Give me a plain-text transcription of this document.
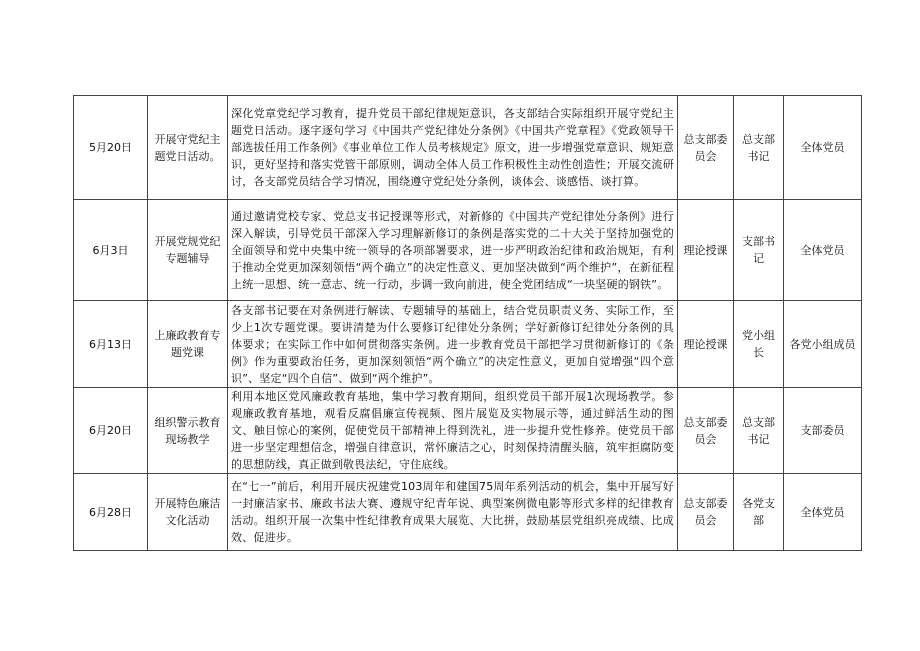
5月20日	开展守党纪主题党日活动。	深化党章党纪学习教育，提升党员干部纪律规矩意识，各支部结合实际组织开展守党纪主题党日活动。逐字逐句学习《中国共产党纪律处分条例》《中国共产党章程》《党政领导干部选拔任用工作条例》《事业单位工作人员考核规定》原文，进一步增强党章意识、规矩意识，更好坚持和落实党管干部原则，调动全体人员工作积极性主动性创造性；开展交流研讨，各支部党员结合学习情况，围绕遵守党纪处分条例，谈体会、谈感悟、谈打算。	总支部委员会	总支部书记	全体党员
6月3日	开展党规党纪专题辅导	通过邀请党校专家、党总支书记授课等形式，对新修的《中国共产党纪律处分条例》进行深入解读，引导党员干部深入学习理解新修订的条例是落实党的二十大关于坚持加强党的全面领导和党中央集中统一领导的各项部署要求，进一步严明政治纪律和政治规矩，有利于推动全党更加深刻领悟“两个确立”的决定性意义、更加坚决做到“两个维护”，在新征程上统一思想、统一意志、统一行动，步调一致向前进，使全党团结成“一块坚硬的钢铁”。	理论授课	支部书记	全体党员
6月13日	上廉政教育专题党课	各支部书记要在对条例进行解读、专题辅导的基础上，结合党员职责义务、实际工作，至少上1次专题党课。要讲清楚为什么要修订纪律处分条例；学好新修订纪律处分条例的具体要求；在实际工作中如何贯彻落实条例。进一步教育党员干部把学习贯彻新修订的《条例》作为重要政治任务，更加深刻领悟“两个确立”的决定性意义，更加自觉增强“四个意识”、坚定“四个自信”、做到“两个维护”。	理论授课	党小组长	各党小组成员
6月20日	组织警示教育现场教学	利用本地区党风廉政教育基地，集中学习教育期间，组织党员干部开展1次现场教学。参观廉政教育基地，观看反腐倡廉宣传视频、图片展览及实物展示等，通过鲜活生动的图文、触目惊心的案例，促使党员干部精神上得到洗礼，进一步提升党性修养。使党员干部进一步坚定理想信念，增强自律意识，常怀廉洁之心，时刻保持清醒头脑，筑牢拒腐防变的思想防线，真正做到敬畏法纪，守住底线。	总支部委员会	总支部书记	支部委员
6月28日	开展特色廉洁文化活动	在“七一”前后，利用开展庆祝建党103周年和建国75周年系列活动的机会，集中开展写好一封廉洁家书、廉政书法大赛、遵规守纪青年说、典型案例微电影等形式多样的纪律教育活动。组织开展一次集中性纪律教育成果大展览、大比拼，鼓励基层党组织亮成绩、比成效、促进步。	总支部委员会	各党支部	全体党员
